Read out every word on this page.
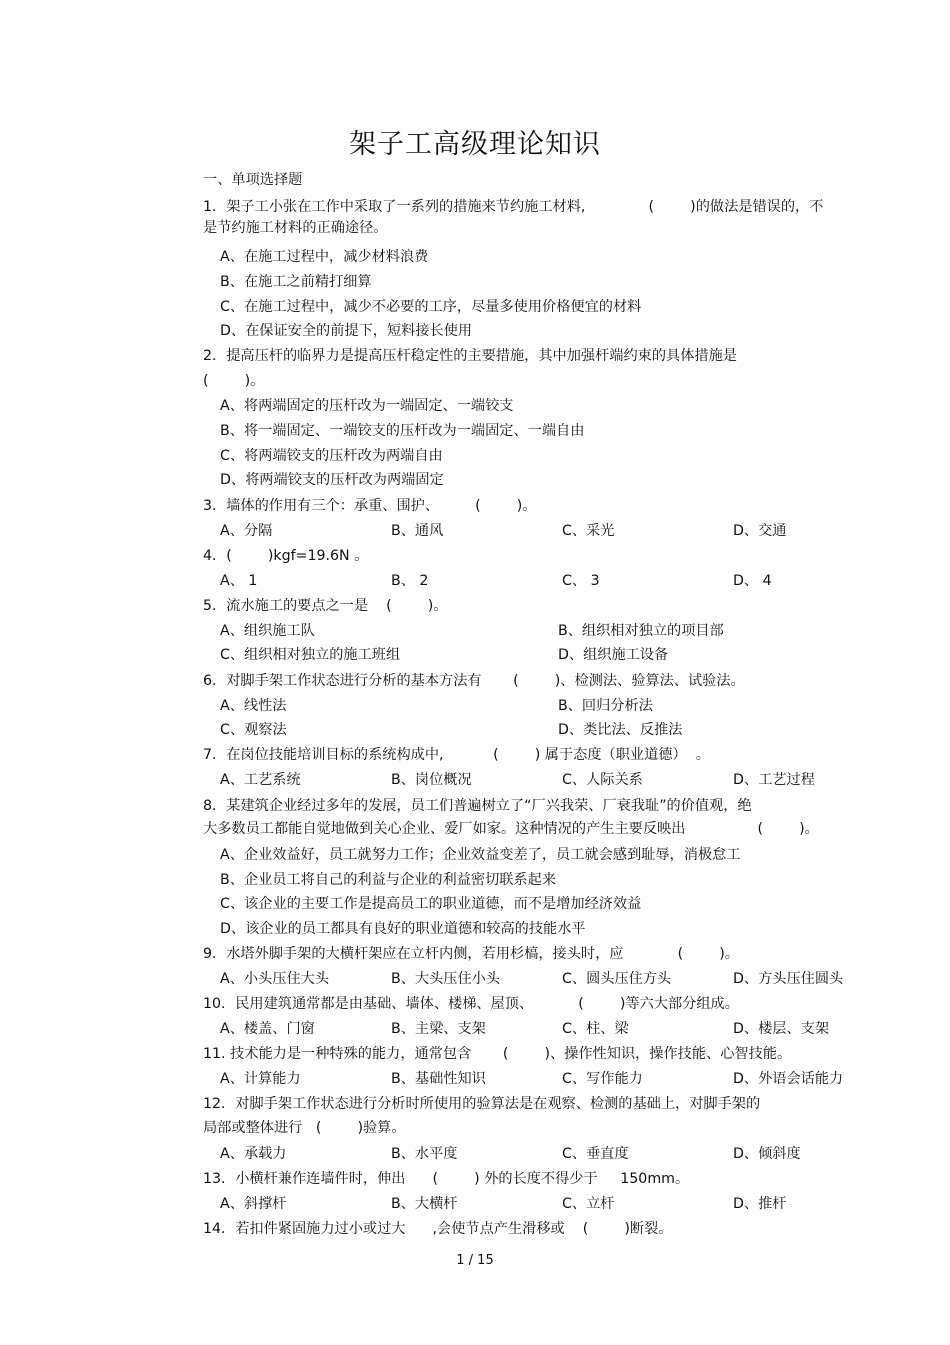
架子工高级理论知识
一、单项选择题
1．架子工小张在工作中采取了一系列的措施来节约施工材料,              (        )的做法是错误的，不
是节约施工材料的正确途径。
A、在施工过程中，减少材料浪费
B、在施工之前精打细算
C、在施工过程中，减少不必要的工序，尽量多使用价格便宜的材料
D、在保证安全的前提下，短料接长使用
2．提高压杆的临界力是提高压杆稳定性的主要措施，其中加强杆端约束的具体措施是
(        )。
A、将两端固定的压杆改为一端固定、一端铰支
B、将一端固定、一端铰支的压杆改为一端固定、一端自由
C、将两端铰支的压杆改为两端自由
D、将两端铰支的压杆改为两端固定
3．墙体的作用有三个：承重、围护、        (        )。
A、分隔	B、通风	C、采光	D、交通
4．(        )kgf=19.6N 。
A、 1	B、 2	C、 3	D、 4
5．流水施工的要点之一是    (        )。
A、组织施工队	B、组织相对独立的项目部
C、组织相对独立的施工班组	D、组织施工设备
6．对脚手架工作状态进行分析的基本方法有       (        )、检测法、验算法、试验法。
A、线性法	B、回归分析法
C、观察法	D、类比法、反推法
7．在岗位技能培训目标的系统构成中,           (        ) 属于态度（职业道德）  。
A、工艺系统	B、岗位概况	C、人际关系	D、工艺过程
8．某建筑企业经过多年的发展，员工们普遍树立了“厂兴我荣、厂衰我耻”的价值观，绝
大多数员工都能自觉地做到关心企业、爱厂如家。这种情况的产生主要反映出                (        )。
A、企业效益好，员工就努力工作；企业效益变差了，员工就会感到耻辱，消极怠工
B、企业员工将自己的利益与企业的利益密切联系起来
C、该企业的主要工作是提高员工的职业道德，而不是增加经济效益
D、该企业的员工都具有良好的职业道德和较高的技能水平
9．水塔外脚手架的大横杆架应在立杆内侧，若用杉槁，接头时，应            (        )。
A、小头压住大头	B、大头压住小头	C、圆头压住方头	D、方头压住圆头
10．民用建筑通常都是由基础、墙体、楼梯、屋顶、          (        )等六大部分组成。
A、楼盖、门窗	B、主梁、支架	C、柱、梁	D、楼层、支架
11. 技术能力是一种特殊的能力，通常包含       (        )、操作性知识，操作技能、心智技能。
A、计算能力	B、基础性知识	C、写作能力	D、外语会话能力
12．对脚手架工作状态进行分析时所使用的验算法是在观察、检测的基础上，对脚手架的
局部或整体进行   (        )验算。
A、承载力	B、水平度	C、垂直度	D、倾斜度
13．小横杆兼作连墙件时，伸出      (        ) 外的长度不得少于     150mm。
A、斜撑杆	B、大横杆	C、立杆	D、推杆
14．若扣件紧固施力过小或过大      ,会使节点产生滑移或    (        )断裂。
1 / 15
